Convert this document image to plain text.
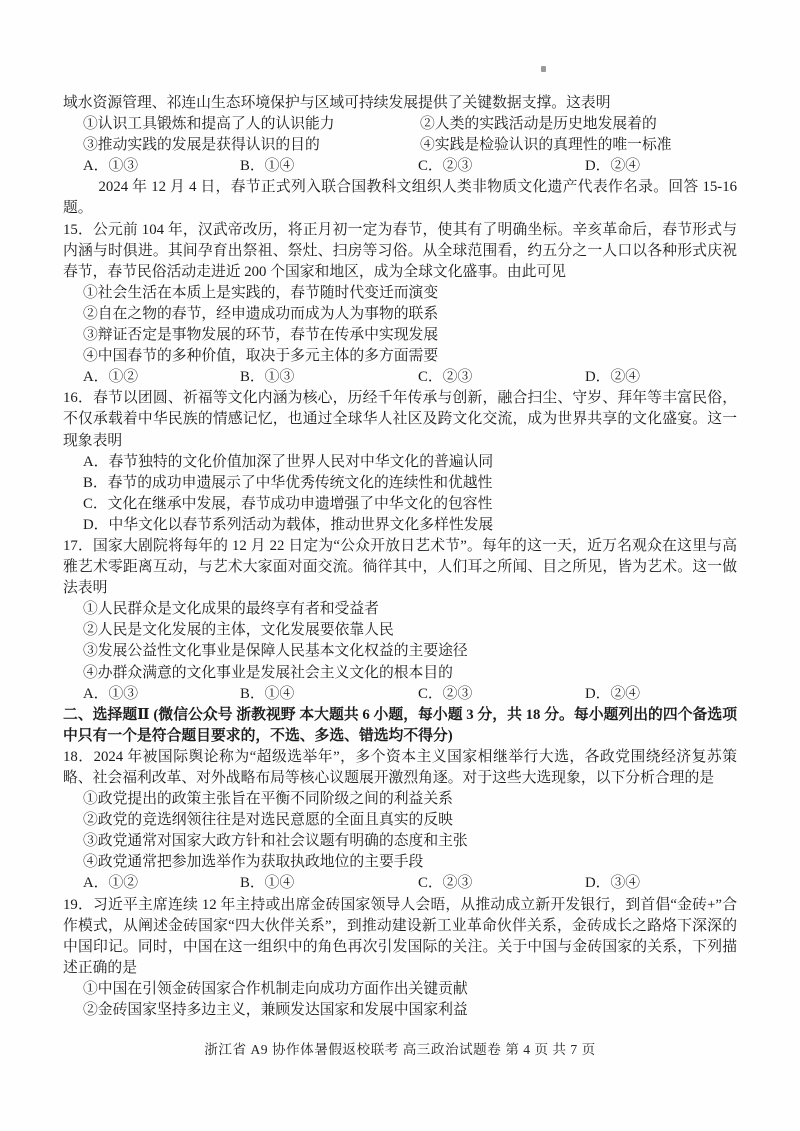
域水资源管理、祁连山生态环境保护与区域可持续发展提供了关键数据支撑。这表明
①认识工具锻炼和提高了人的认识能力	②人类的实践活动是历史地发展着的
③推动实践的发展是获得认识的目的	④实践是检验认识的真理性的唯一标准
A．①③	B．①④	C．②③	D．②④
2024 年 12 月 4 日，春节正式列入联合国教科文组织人类非物质文化遗产代表作名录。回答 15-16 题。
15．公元前 104 年，汉武帝改历，将正月初一定为春节，使其有了明确坐标。辛亥革命后，春节形式与内涵与时俱进。其间孕育出祭祖、祭灶、扫房等习俗。从全球范围看，约五分之一人口以各种形式庆祝春节，春节民俗活动走进近 200 个国家和地区，成为全球文化盛事。由此可见
①社会生活在本质上是实践的，春节随时代变迁而演变
②自在之物的春节，经申遗成功而成为人为事物的联系
③辩证否定是事物发展的环节，春节在传承中实现发展
④中国春节的多种价值，取决于多元主体的多方面需要
A．①②	B．①③	C．②③	D．②④
16．春节以团圆、祈福等文化内涵为核心，历经千年传承与创新，融合扫尘、守岁、拜年等丰富民俗，不仅承载着中华民族的情感记忆，也通过全球华人社区及跨文化交流，成为世界共享的文化盛宴。这一现象表明
A．春节独特的文化价值加深了世界人民对中华文化的普遍认同
B．春节的成功申遗展示了中华优秀传统文化的连续性和优越性
C．文化在继承中发展，春节成功申遗增强了中华文化的包容性
D．中华文化以春节系列活动为载体，推动世界文化多样性发展
17．国家大剧院将每年的 12 月 22 日定为“公众开放日艺术节”。每年的这一天，近万名观众在这里与高雅艺术零距离互动，与艺术大家面对面交流。徜徉其中，人们耳之所闻、目之所见，皆为艺术。这一做法表明
①人民群众是文化成果的最终享有者和受益者
②人民是文化发展的主体，文化发展要依靠人民
③发展公益性文化事业是保障人民基本文化权益的主要途径
④办群众满意的文化事业是发展社会主义文化的根本目的
A．①③	B．①④	C．②③	D．②④
二、选择题Ⅱ (微信公众号 浙教视野 本大题共 6 小题，每小题 3 分，共 18 分。每小题列出的四个备选项中只有一个是符合题目要求的，不选、多选、错选均不得分)
18．2024 年被国际舆论称为“超级选举年”，多个资本主义国家相继举行大选，各政党围绕经济复苏策略、社会福利改革、对外战略布局等核心议题展开激烈角逐。对于这些大选现象，以下分析合理的是
①政党提出的政策主张旨在平衡不同阶级之间的利益关系
②政党的竞选纲领往往是对选民意愿的全面且真实的反映
③政党通常对国家大政方针和社会议题有明确的态度和主张
④政党通常把参加选举作为获取执政地位的主要手段
A．①②	B．①④	C．②③	D．③④
19．习近平主席连续 12 年主持或出席金砖国家领导人会晤，从推动成立新开发银行，到首倡“金砖+”合作模式，从阐述金砖国家“四大伙伴关系”，到推动建设新工业革命伙伴关系，金砖成长之路烙下深深的中国印记。同时，中国在这一组织中的角色再次引发国际的关注。关于中国与金砖国家的关系，下列描述正确的是
①中国在引领金砖国家合作机制走向成功方面作出关键贡献
②金砖国家坚持多边主义，兼顾发达国家和发展中国家利益
浙江省 A9 协作体暑假返校联考 高三政治试题卷 第 4 页 共 7 页
